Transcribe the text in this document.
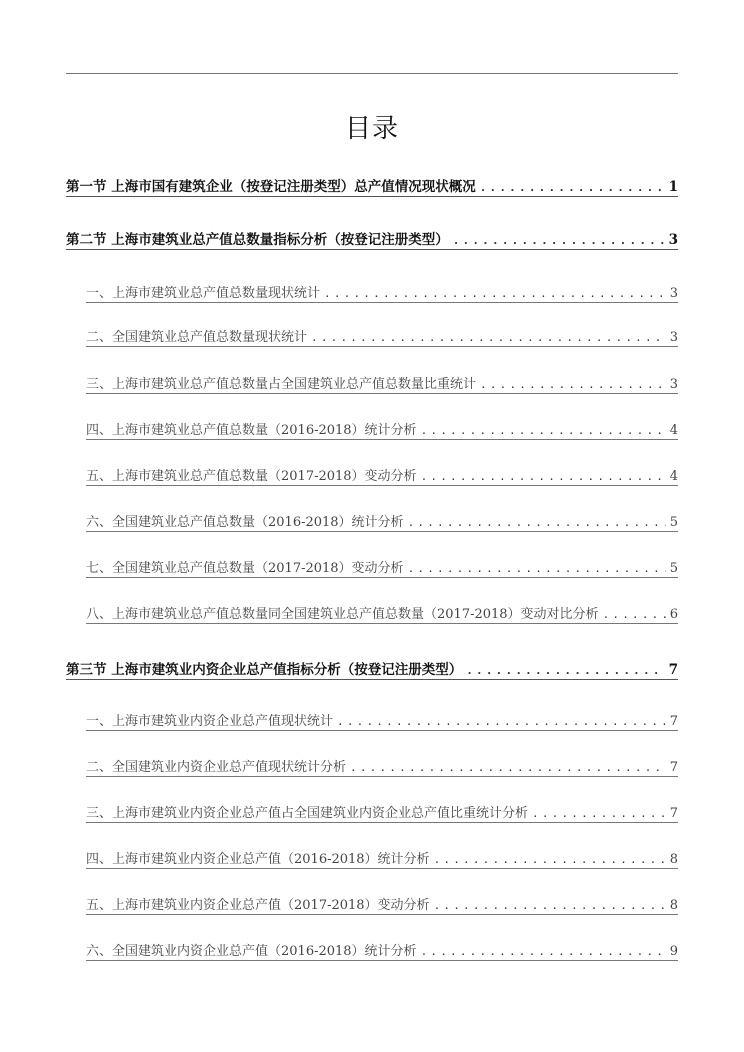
目录
第一节 上海市国有建筑企业（按登记注册类型）总产值情况现状概况 .....	1
第二节 上海市建筑业总产值总数量指标分析（按登记注册类型） .....	3
一、上海市建筑业总产值总数量现状统计 .....	3
二、全国建筑业总产值总数量现状统计 .....	3
三、上海市建筑业总产值总数量占全国建筑业总产值总数量比重统计 .....	3
四、上海市建筑业总产值总数量（2016-2018）统计分析 .....	4
五、上海市建筑业总产值总数量（2017-2018）变动分析 .....	4
六、全国建筑业总产值总数量（2016-2018）统计分析 .....	5
七、全国建筑业总产值总数量（2017-2018）变动分析 .....	5
八、上海市建筑业总产值总数量同全国建筑业总产值总数量（2017-2018）变动对比分析 .....	6
第三节 上海市建筑业内资企业总产值指标分析（按登记注册类型） .....	7
一、上海市建筑业内资企业总产值现状统计 .....	7
二、全国建筑业内资企业总产值现状统计分析 .....	7
三、上海市建筑业内资企业总产值占全国建筑业内资企业总产值比重统计分析 .....	7
四、上海市建筑业内资企业总产值（2016-2018）统计分析 .....	8
五、上海市建筑业内资企业总产值（2017-2018）变动分析 .....	8
六、全国建筑业内资企业总产值（2016-2018）统计分析 .....	9
